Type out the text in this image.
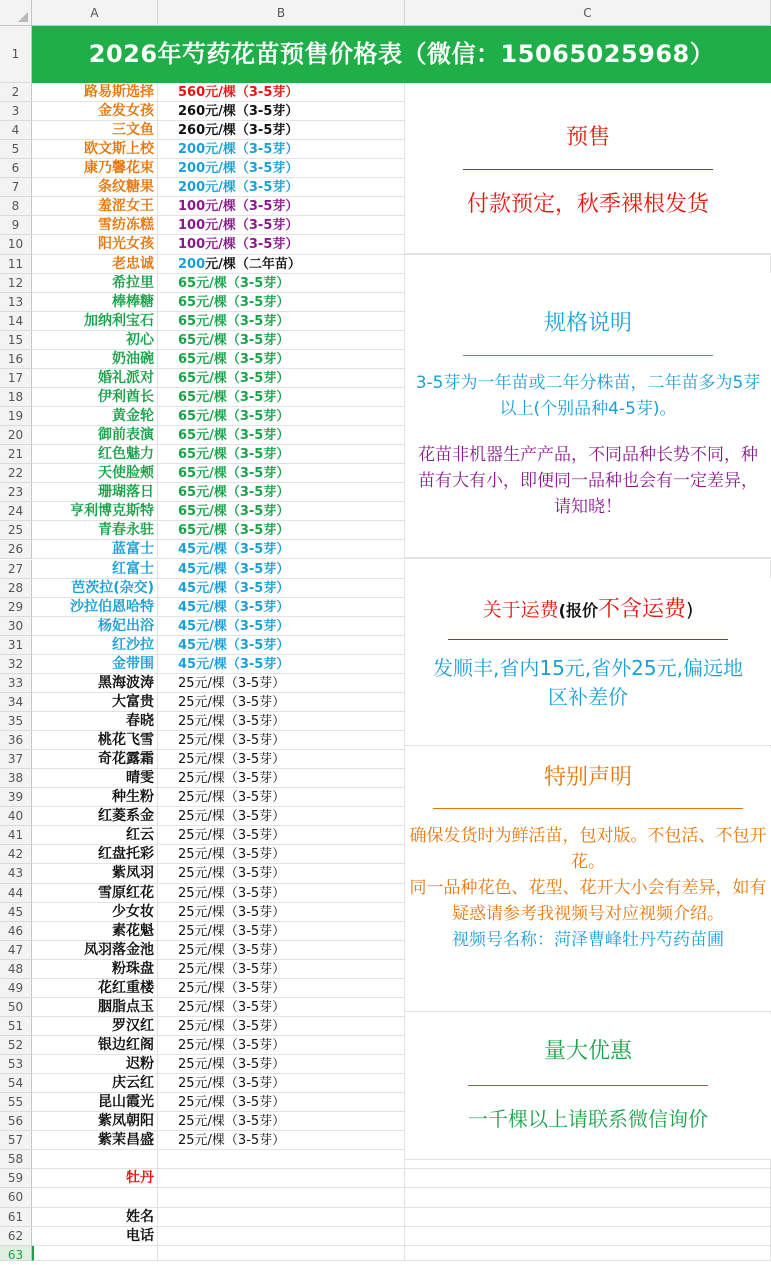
A	B	C
1	2026年芍药花苗预售价格表（微信：15065025968）
2	路易斯选择	560元/棵（3-5芽）
3	金发女孩	260元/棵（3-5芽）
4	三文鱼	260元/棵（3-5芽）
5	欧文斯上校	200元/棵（3-5芽）
6	康乃馨花束	200元/棵（3-5芽）
7	条纹糖果	200元/棵（3-5芽）
8	羞涩女王	100元/棵（3-5芽）
9	雪纺冻糕	100元/棵（3-5芽）
10	阳光女孩	100元/棵（3-5芽）
11	老忠诚	200元/棵（二年苗）
12	希拉里	65元/棵（3-5芽）
13	棒棒糖	65元/棵（3-5芽）
14	加纳利宝石	65元/棵（3-5芽）
15	初心	65元/棵（3-5芽）
16	奶油碗	65元/棵（3-5芽）
17	婚礼派对	65元/棵（3-5芽）
18	伊利酋长	65元/棵（3-5芽）
19	黄金轮	65元/棵（3-5芽）
20	御前表演	65元/棵（3-5芽）
21	红色魅力	65元/棵（3-5芽）
22	天使脸颊	65元/棵（3-5芽）
23	珊瑚落日	65元/棵（3-5芽）
24	亨利博克斯特	65元/棵（3-5芽）
25	青春永驻	65元/棵（3-5芽）
26	蓝富士	45元/棵（3-5芽）
27	红富士	45元/棵（3-5芽）
28	芭茨拉(杂交)	45元/棵（3-5芽）
29	沙拉伯恩哈特	45元/棵（3-5芽）
30	杨妃出浴	45元/棵（3-5芽）
31	红沙拉	45元/棵（3-5芽）
32	金带围	45元/棵（3-5芽）
33	黑海波涛	25元/棵（3-5芽）
34	大富贵	25元/棵（3-5芽）
35	春晓	25元/棵（3-5芽）
36	桃花飞雪	25元/棵（3-5芽）
37	奇花露霜	25元/棵（3-5芽）
38	晴雯	25元/棵（3-5芽）
39	种生粉	25元/棵（3-5芽）
40	红菱系金	25元/棵（3-5芽）
41	红云	25元/棵（3-5芽）
42	红盘托彩	25元/棵（3-5芽）
43	紫凤羽	25元/棵（3-5芽）
44	雪原红花	25元/棵（3-5芽）
45	少女妆	25元/棵（3-5芽）
46	素花魁	25元/棵（3-5芽）
47	凤羽落金池	25元/棵（3-5芽）
48	粉珠盘	25元/棵（3-5芽）
49	花红重楼	25元/棵（3-5芽）
50	胭脂点玉	25元/棵（3-5芽）
51	罗汉红	25元/棵（3-5芽）
52	银边红阁	25元/棵（3-5芽）
53	迟粉	25元/棵（3-5芽）
54	庆云红	25元/棵（3-5芽）
55	昆山霞光	25元/棵（3-5芽）
56	紫凤朝阳	25元/棵（3-5芽）
57	紫茉昌盛	25元/棵（3-5芽）
58
59	牡丹
60
61	姓名
62	电话
63
预售
付款预定，秋季裸根发货
规格说明
3-5芽为一年苗或二年分株苗，二年苗多为5芽以上(个别品种4-5芽)。
花苗非机器生产产品，不同品种长势不同，种苗有大有小，即便同一品种也会有一定差异，请知晓！
关于运费(报价不含运费)
发顺丰,省内15元,省外25元,偏远地区补差价
特别声明
确保发货时为鲜活苗，包对版。不包活、不包开花。
同一品种花色、花型、花开大小会有差异，如有疑惑请参考我视频号对应视频介绍。
视频号名称：菏泽曹峰牡丹芍药苗圃
量大优惠
一千棵以上请联系微信询价
